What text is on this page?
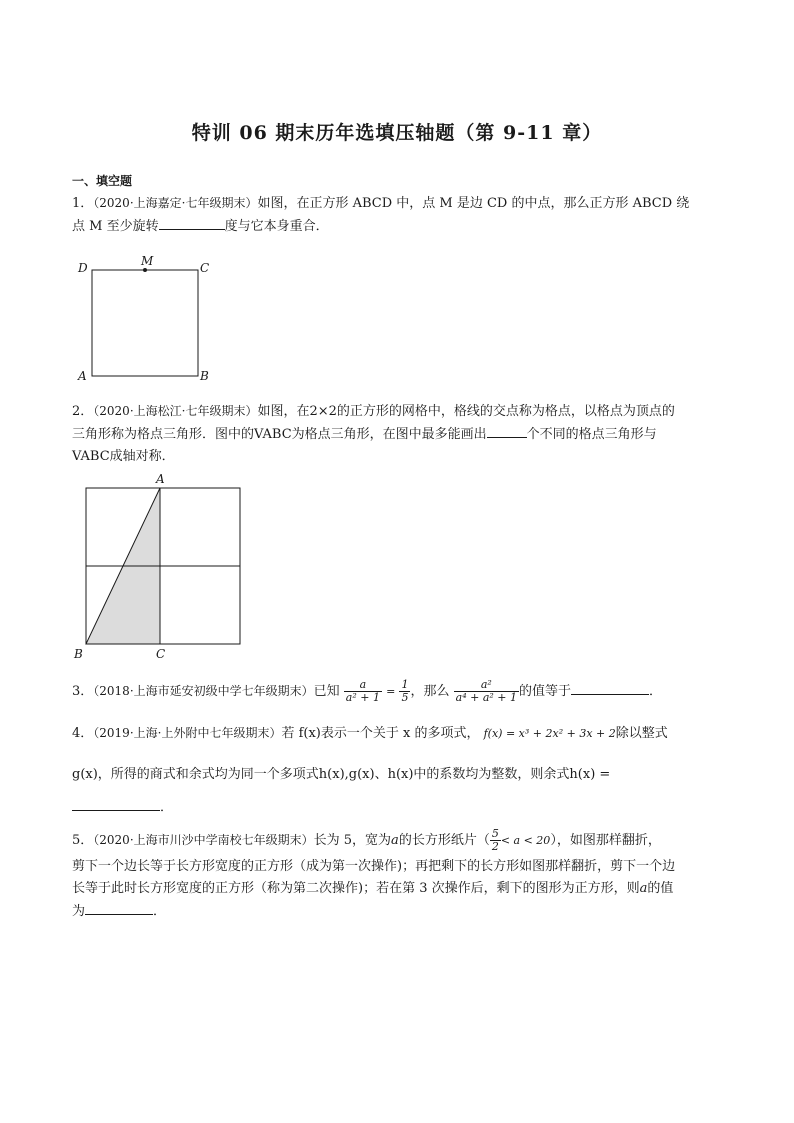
特训 06 期末历年选填压轴题（第 9-11 章）
一、填空题
1．（2020·上海嘉定·七年级期末）如图，在正方形 ABCD 中，点 M 是边 CD 的中点，那么正方形 ABCD 绕
点 M 至少旋转	度与它本身重合．
D	M	C
A	B
2．（2020·上海松江·七年级期末）如图，在2×2的正方形的网格中，格线的交点称为格点，以格点为顶点的
三角形称为格点三角形．图中的VABC为格点三角形，在图中最多能画出	个不同的格点三角形与
VABC成轴对称．
A
B	C
3．（2018·上海市延安初级中学七年级期末）已知 $\frac{a}{\text{a² + 1}} = \frac{1}{5}$ ，那么 $\frac{\text{a²}}{\text{a⁴ + a² + 1}}$ 的值等于	．
4．（2019·上海·上外附中七年级期末）若 f(x)表示一个关于 x 的多项式， f(x) = x³ + 2x² + 3x + 2除以整式
g(x)，所得的商式和余式均为同一个多项式h(x),g(x)、h(x)中的系数均为整数，则余式h(x) =
．
5．（2020·上海市川沙中学南校七年级期末）长为 5，宽为a的长方形纸片（ $\frac{5}{2} < a < 20$），如图那样翻折，
剪下一个边长等于长方形宽度的正方形（成为第一次操作)；再把剩下的长方形如图那样翻折，剪下一个边
长等于此时长方形宽度的正方形（称为第二次操作)；若在第 3 次操作后，剩下的图形为正方形，则a的值
为	．
